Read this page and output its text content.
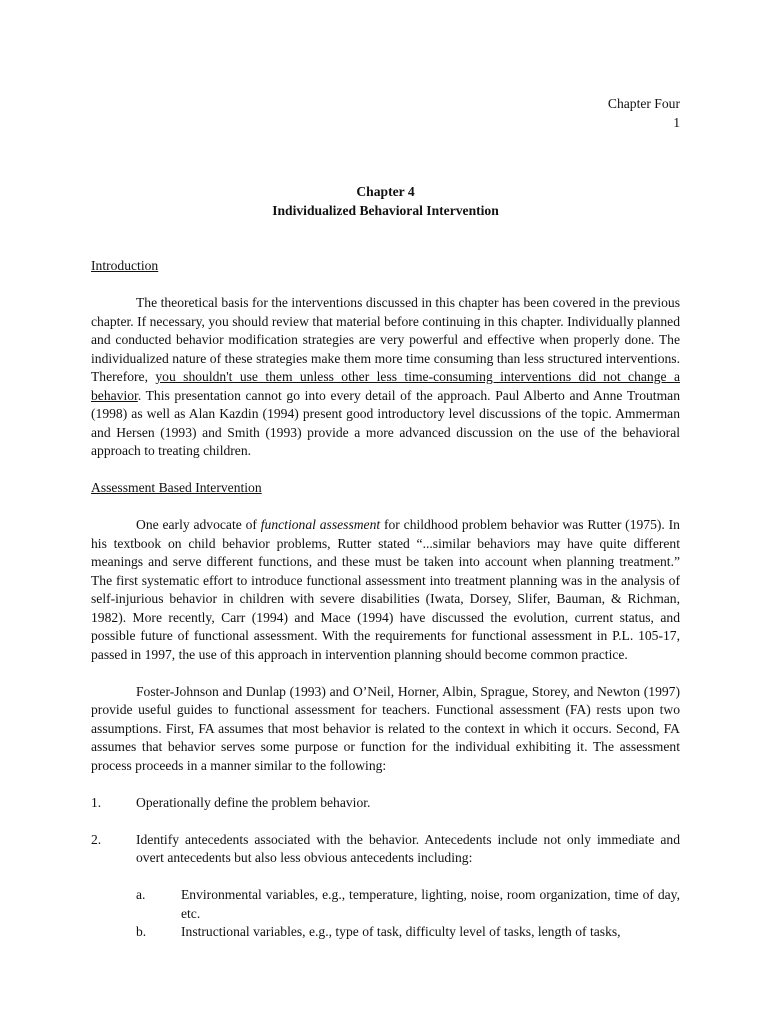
Chapter Four
1
Chapter 4
Individualized Behavioral Intervention
Introduction

The theoretical basis for the interventions discussed in this chapter has been covered in the previous chapter. If necessary, you should review that material before continuing in this chapter. Individually planned and conducted behavior modification strategies are very powerful and effective when properly done. The individualized nature of these strategies make them more time consuming than less structured interventions. Therefore, you shouldn't use them unless other less time-consuming interventions did not change a behavior. This presentation cannot go into every detail of the approach. Paul Alberto and Anne Troutman (1998) as well as Alan Kazdin (1994) present good introductory level discussions of the topic. Ammerman and Hersen (1993) and Smith (1993) provide a more advanced discussion on the use of the behavioral approach to treating children.

Assessment Based Intervention

One early advocate of functional assessment for childhood problem behavior was Rutter (1975). In his textbook on child behavior problems, Rutter stated “...similar behaviors may have quite different meanings and serve different functions, and these must be taken into account when planning treatment.” The first systematic effort to introduce functional assessment into treatment planning was in the analysis of self-injurious behavior in children with severe disabilities (Iwata, Dorsey, Slifer, Bauman, & Richman, 1982). More recently, Carr (1994) and Mace (1994) have discussed the evolution, current status, and possible future of functional assessment. With the requirements for functional assessment in P.L. 105-17, passed in 1997, the use of this approach in intervention planning should become common practice.

Foster-Johnson and Dunlap (1993) and O’Neil, Horner, Albin, Sprague, Storey, and Newton (1997) provide useful guides to functional assessment for teachers. Functional assessment (FA) rests upon two assumptions. First, FA assumes that most behavior is related to the context in which it occurs. Second, FA assumes that behavior serves some purpose or function for the individual exhibiting it. The assessment process proceeds in a manner similar to the following:

1.	Operationally define the problem behavior.
2.	Identify antecedents associated with the behavior. Antecedents include not only immediate and overt antecedents but also less obvious antecedents including:
a.	Environmental variables, e.g., temperature, lighting, noise, room organization, time of day, etc.
b.	Instructional variables, e.g., type of task, difficulty level of tasks, length of tasks,
